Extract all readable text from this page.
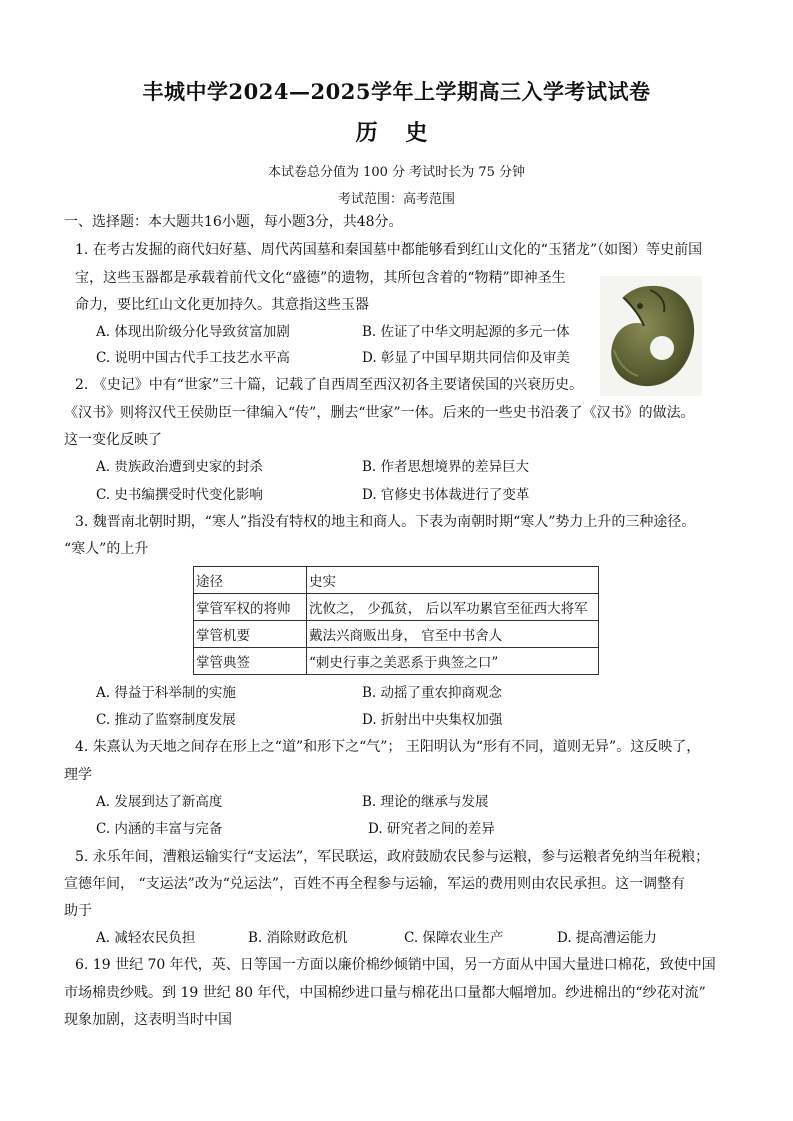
丰城中学2024—2025学年上学期高三入学考试试卷
历 史
本试卷总分值为 100 分 考试时长为 75 分钟
考试范围：高考范围
一、选择题：本大题共16小题，每小题3分，共48分。
1. 在考古发掘的商代妇好墓、周代芮国墓和秦国墓中都能够看到红山文化的“玉猪龙”（如图）等史前国
宝，这些玉器都是承载着前代文化“盛德”的遗物，其所包含着的“物精”即神圣生
命力，要比红山文化更加持久。其意指这些玉器
A. 体现出阶级分化导致贫富加剧	B. 佐证了中华文明起源的多元一体
C. 说明中国古代手工技艺水平高	D. 彰显了中国早期共同信仰及审美
2. 《史记》中有“世家”三十篇，记载了自西周至西汉初各主要诸侯国的兴衰历史。
《汉书》则将汉代王侯勋臣一律编入“传”，删去“世家”一体。后来的一些史书沿袭了《汉书》的做法。
这一变化反映了
A. 贵族政治遭到史家的封杀	B. 作者思想境界的差异巨大
C. 史书编撰受时代变化影响	D. 官修史书体裁进行了变革
3. 魏晋南北朝时期，“寒人”指没有特权的地主和商人。下表为南朝时期“寒人”势力上升的三种途径。
“寒人”的上升
途径	史实
掌管军权的将帅	沈攸之， 少孤贫， 后以军功累官至征西大将军
掌管机要	戴法兴商贩出身， 官至中书舍人
掌管典签	“刺史行事之美恶系于典签之口”
A. 得益于科举制的实施	B. 动摇了重农抑商观念
C. 推动了监察制度发展	D. 折射出中央集权加强
4. 朱熹认为天地之间存在形上之“道”和形下之“气”； 王阳明认为“形有不同，道则无异”。这反映了，
理学
A. 发展到达了新高度	B. 理论的继承与发展
C. 内涵的丰富与完备	D. 研究者之间的差异
5. 永乐年间，漕粮运输实行“支运法”，军民联运，政府鼓励农民参与运粮，参与运粮者免纳当年税粮；
宣德年间， “支运法”改为“兑运法”，百姓不再全程参与运输，军运的费用则由农民承担。这一调整有
助于
A. 减轻农民负担	B. 消除财政危机	C. 保障农业生产	D. 提高漕运能力
6. 19 世纪 70 年代，英、日等国一方面以廉价棉纱倾销中国，另一方面从中国大量进口棉花，致使中国
市场棉贵纱贱。到 19 世纪 80 年代，中国棉纱进口量与棉花出口量都大幅增加。纱进棉出的“纱花对流”
现象加剧，这表明当时中国
